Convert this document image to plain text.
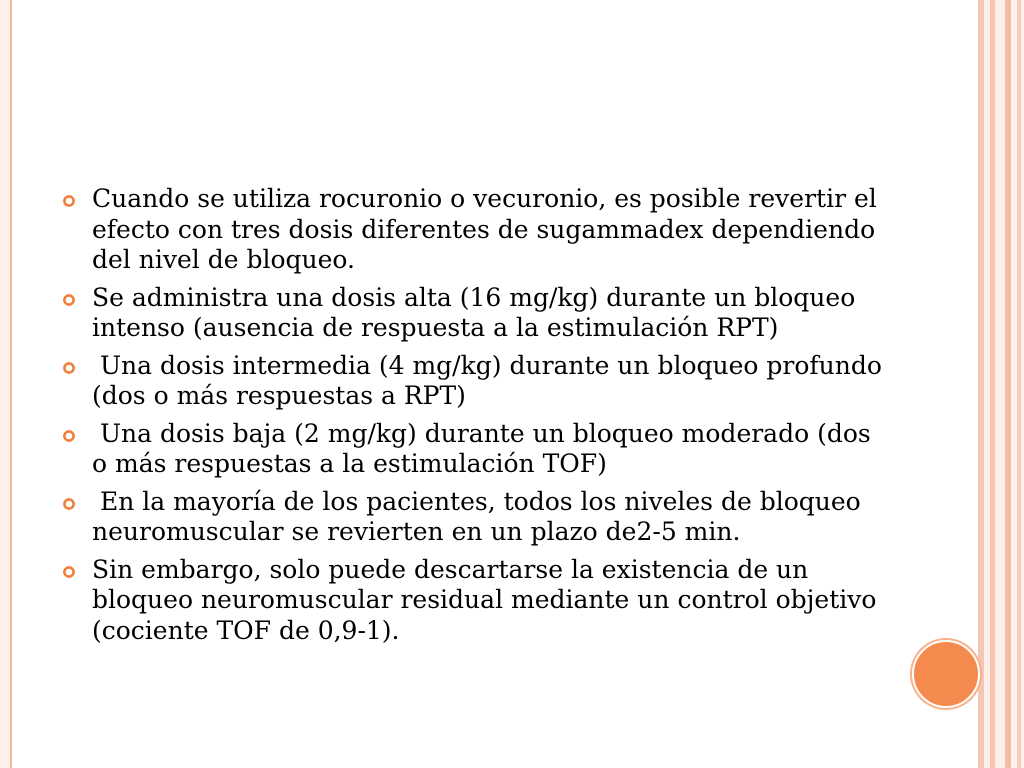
Cuando se utiliza rocuronio o vecuronio, es posible revertir el efecto con tres dosis diferentes de sugammadex dependiendo del nivel de bloqueo.
Se administra una dosis alta (16 mg/kg) durante un bloqueo intenso (ausencia de respuesta a la estimulación RPT)
Una dosis intermedia (4 mg/kg) durante un bloqueo profundo (dos o más respuestas a RPT)
Una dosis baja (2 mg/kg) durante un bloqueo moderado (dos o más respuestas a la estimulación TOF)
En la mayoría de los pacientes, todos los niveles de bloqueo neuromuscular se revierten en un plazo de2-5 min.
Sin embargo, solo puede descartarse la existencia de un bloqueo neuromuscular residual mediante un control objetivo (cociente TOF de 0,9-1).
